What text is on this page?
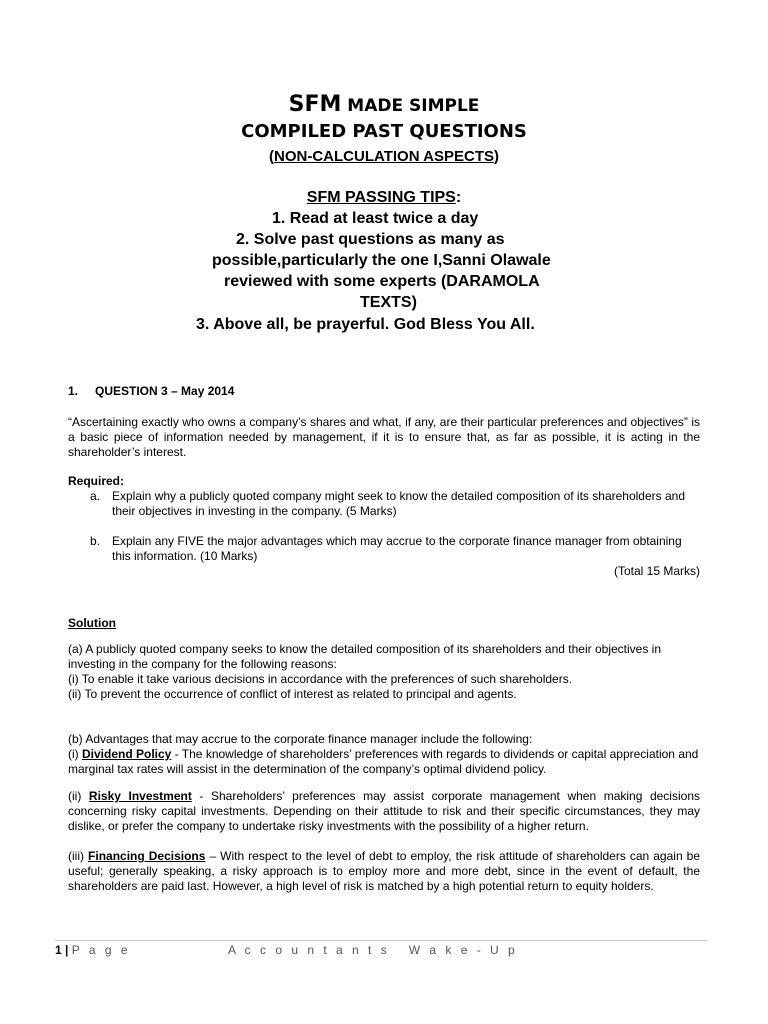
SFM MADE SIMPLE
COMPILED PAST QUESTIONS
(NON-CALCULATION ASPECTS)
SFM PASSING TIPS:
1. Read at least twice a day
2. Solve past questions as many as
possible,particularly the one I,Sanni Olawale
reviewed with some experts (DARAMOLA
TEXTS)
3. Above all, be prayerful. God Bless You All.
1. QUESTION 3 – May 2014
“Ascertaining exactly who owns a company’s shares and what, if any, are their particular preferences and objectives” is a basic piece of information needed by management, if it is to ensure that, as far as possible, it is acting in the shareholder’s interest.
Required:
a. Explain why a publicly quoted company might seek to know the detailed composition of its shareholders and their objectives in investing in the company. (5 Marks)
b. Explain any FIVE the major advantages which may accrue to the corporate finance manager from obtaining this information. (10 Marks)
(Total 15 Marks)
Solution
(a) A publicly quoted company seeks to know the detailed composition of its shareholders and their objectives in investing in the company for the following reasons:
(i) To enable it take various decisions in accordance with the preferences of such shareholders.
(ii) To prevent the occurrence of conflict of interest as related to principal and agents.
(b) Advantages that may accrue to the corporate finance manager include the following:
(i) Dividend Policy - The knowledge of shareholders’ preferences with regards to dividends or capital appreciation and marginal tax rates will assist in the determination of the company’s optimal dividend policy.
(ii) Risky Investment - Shareholders’ preferences may assist corporate management when making decisions concerning risky capital investments. Depending on their attitude to risk and their specific circumstances, they may dislike, or prefer the company to undertake risky investments with the possibility of a higher return.
(iii) Financing Decisions – With respect to the level of debt to employ, the risk attitude of shareholders can again be useful; generally speaking, a risky approach is to employ more and more debt, since in the event of default, the shareholders are paid last. However, a high level of risk is matched by a high potential return to equity holders.
1 | P a g e	A c c o u n t a n t s   W a k e - U p
